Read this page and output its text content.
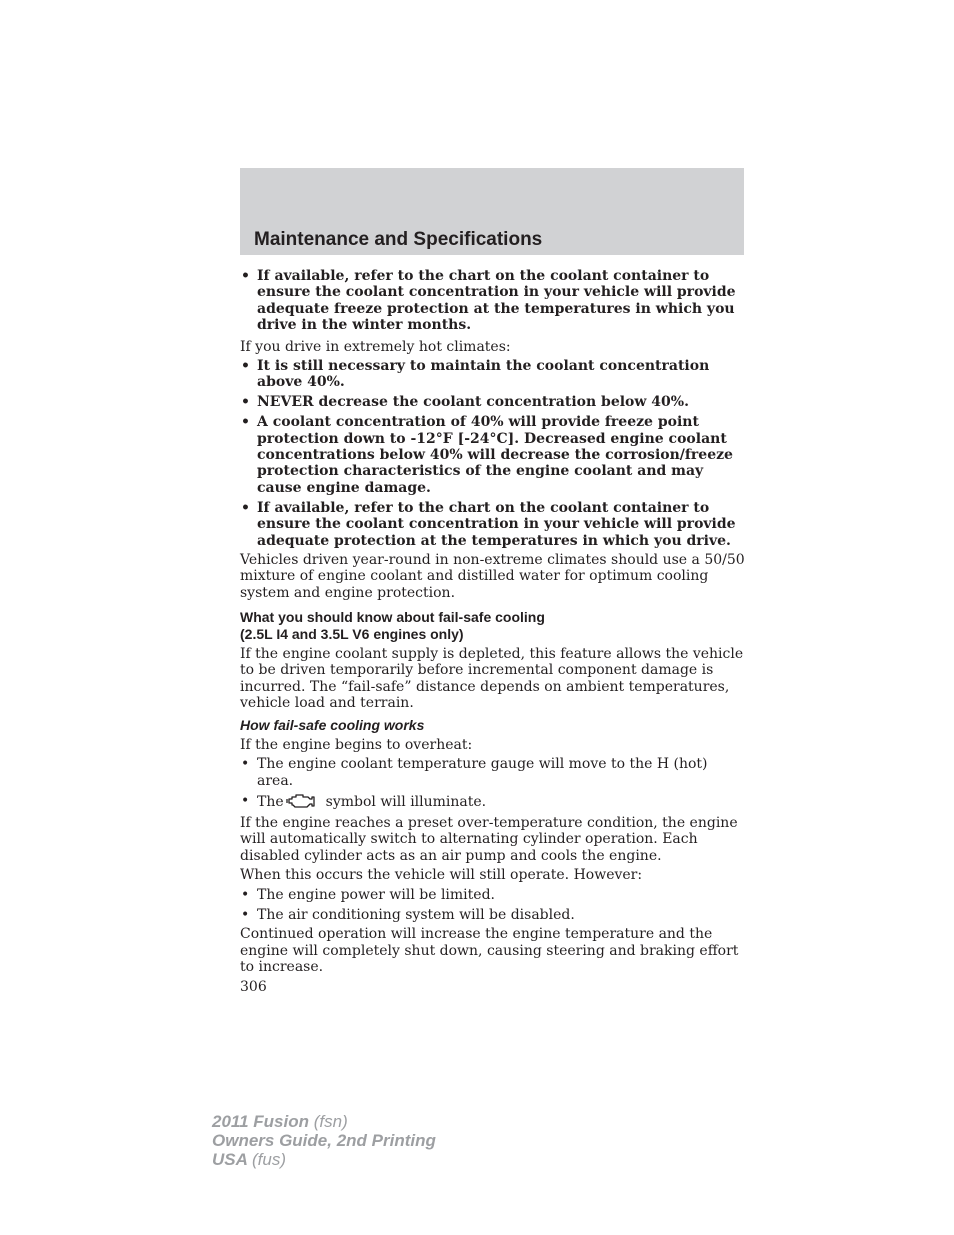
Maintenance and Specifications
• If available, refer to the chart on the coolant container to ensure the coolant concentration in your vehicle will provide adequate freeze protection at the temperatures in which you drive in the winter months.

If you drive in extremely hot climates:

• It is still necessary to maintain the coolant concentration above 40%.
• NEVER decrease the coolant concentration below 40%.
• A coolant concentration of 40% will provide freeze point protection down to -12°F [-24°C]. Decreased engine coolant concentrations below 40% will decrease the corrosion/freeze protection characteristics of the engine coolant and may cause engine damage.
• If available, refer to the chart on the coolant container to ensure the coolant concentration in your vehicle will provide adequate protection at the temperatures in which you drive.

Vehicles driven year-round in non-extreme climates should use a 50/50 mixture of engine coolant and distilled water for optimum cooling system and engine protection.

What you should know about fail-safe cooling
(2.5L I4 and 3.5L V6 engines only)

If the engine coolant supply is depleted, this feature allows the vehicle to be driven temporarily before incremental component damage is incurred. The “fail-safe” distance depends on ambient temperatures, vehicle load and terrain.

How fail-safe cooling works

If the engine begins to overheat:

• The engine coolant temperature gauge will move to the H (hot) area.
• The	symbol will illuminate.

If the engine reaches a preset over-temperature condition, the engine will automatically switch to alternating cylinder operation. Each disabled cylinder acts as an air pump and cools the engine.

When this occurs the vehicle will still operate. However:

• The engine power will be limited.
• The air conditioning system will be disabled.

Continued operation will increase the engine temperature and the engine will completely shut down, causing steering and braking effort to increase.

306

2011 Fusion (fsn)
Owners Guide, 2nd Printing
USA (fus)
